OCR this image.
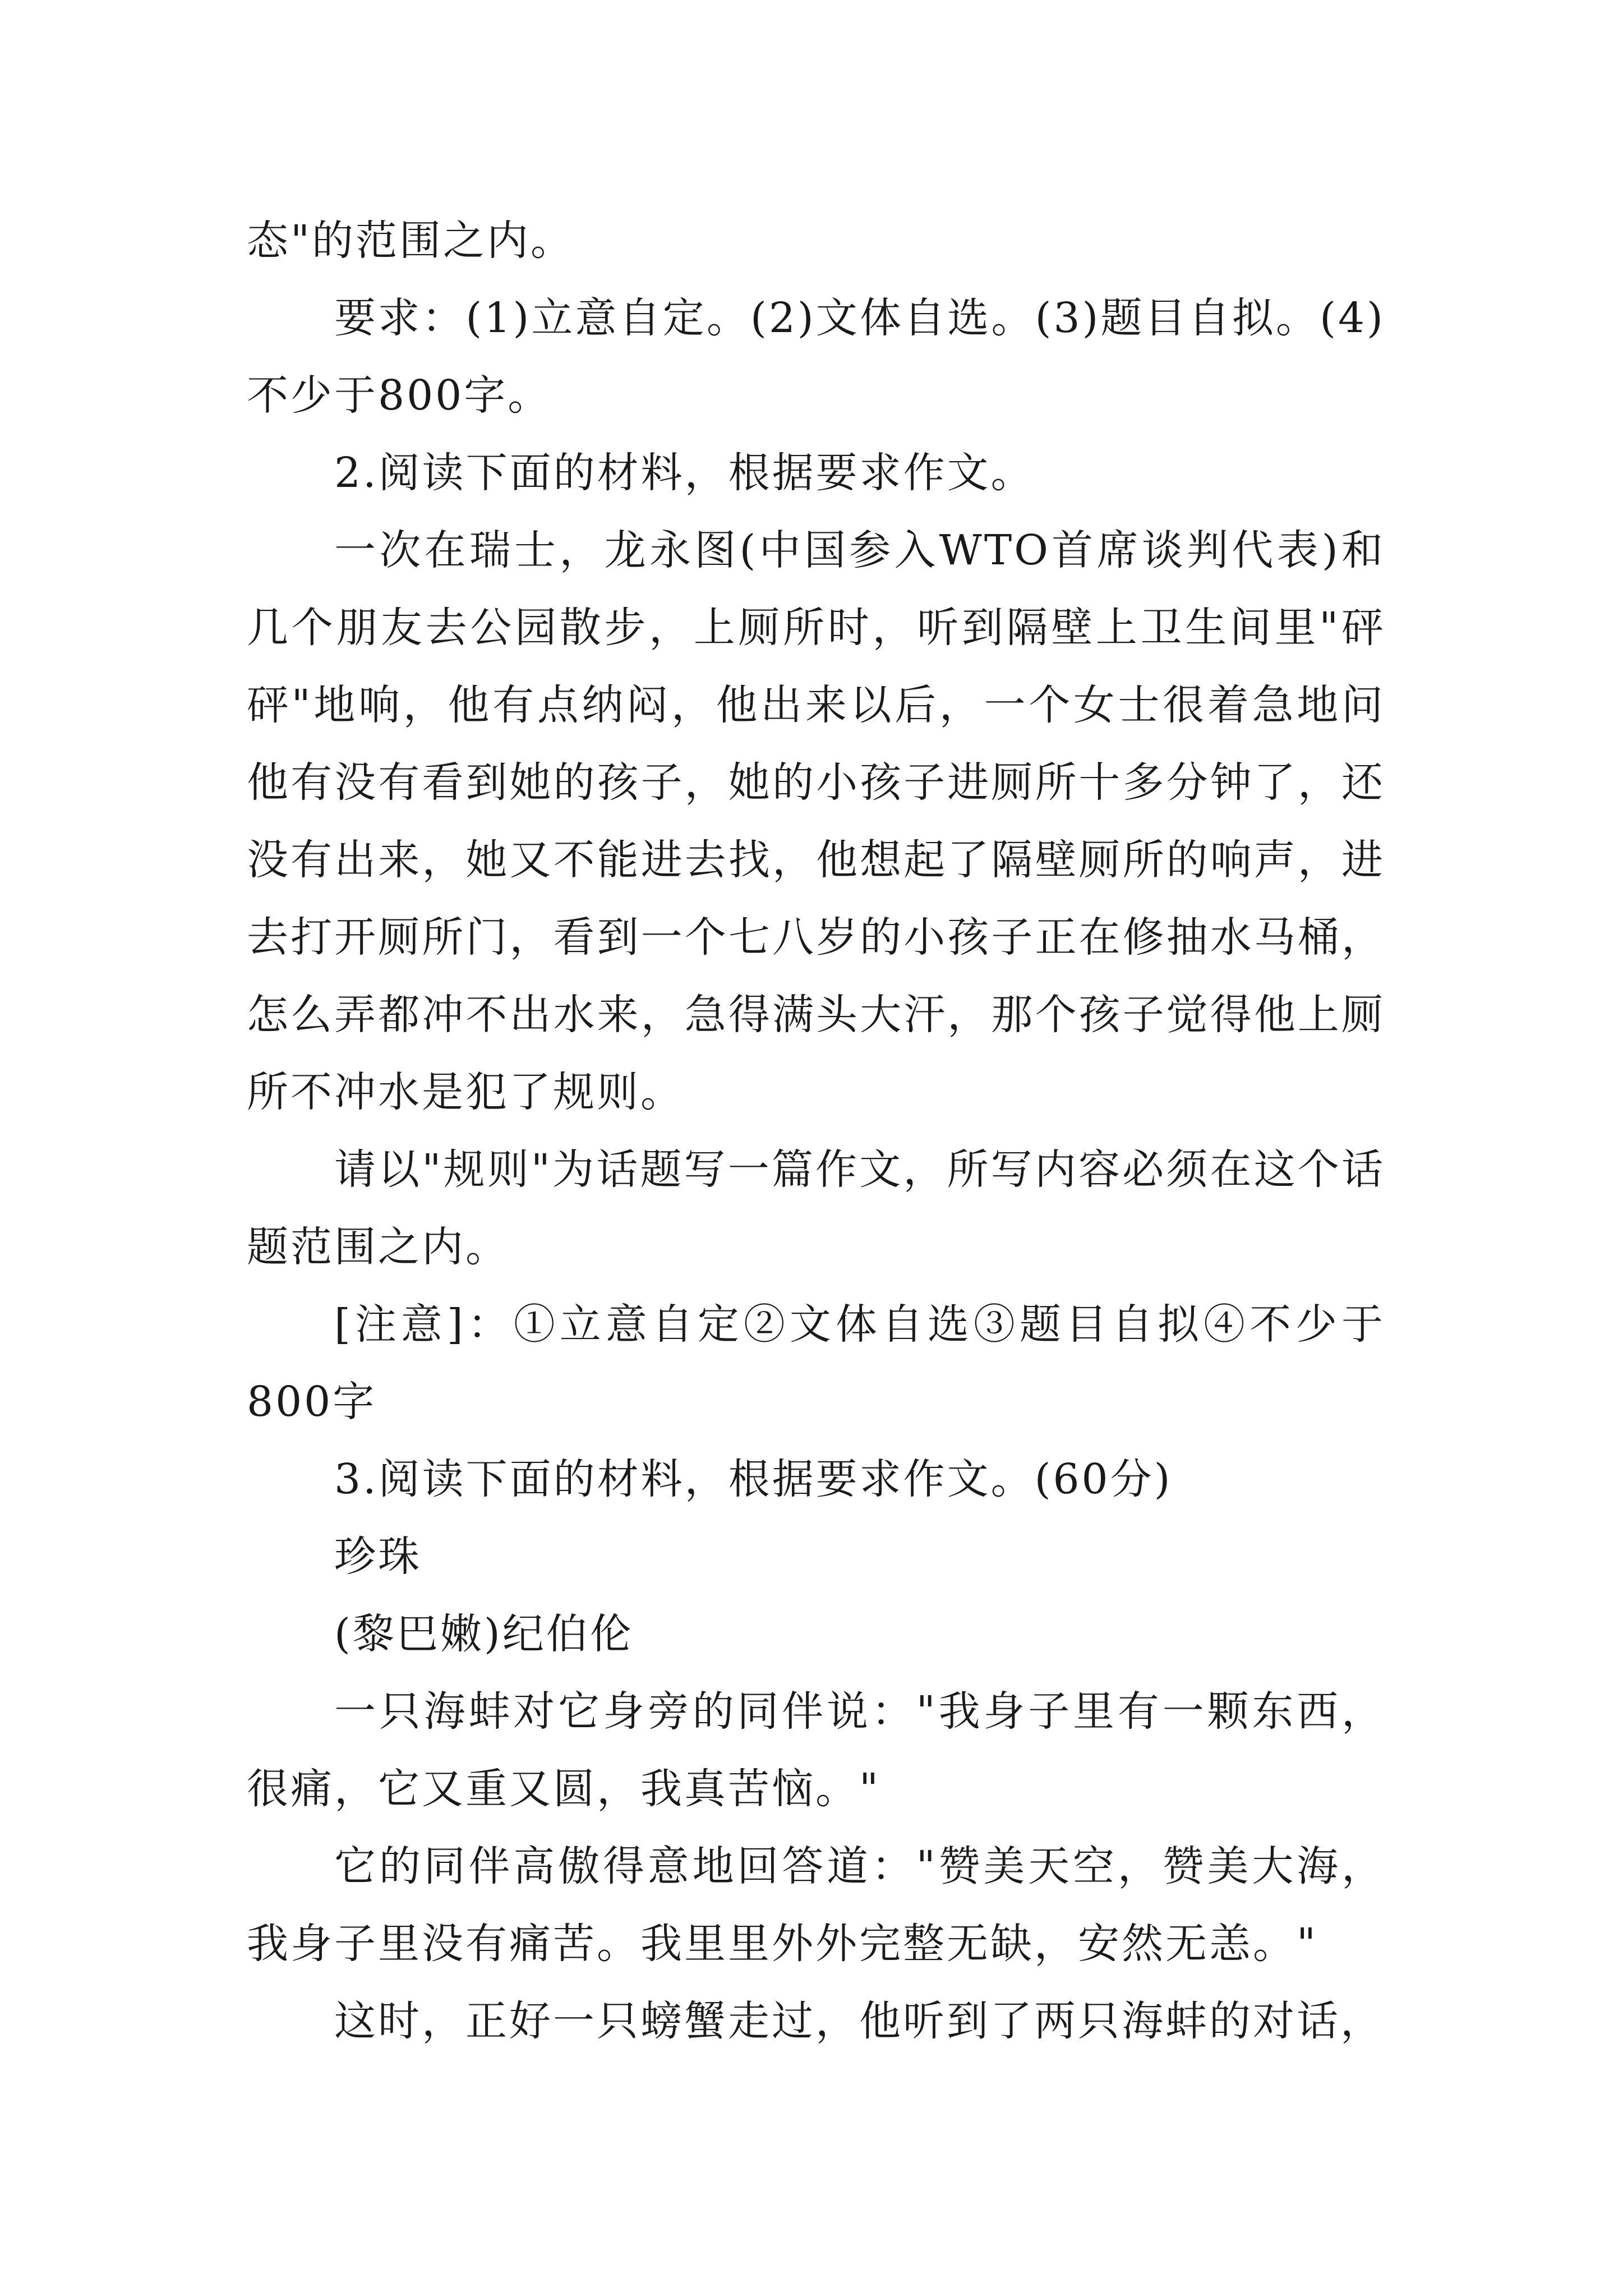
态"的范围之内。

要求：(1)立意自定。(2)文体自选。(3)题目自拟。(4)不少于800字。

2.阅读下面的材料，根据要求作文。

一次在瑞士，龙永图(中国参入WTO首席谈判代表)和几个朋友去公园散步，上厕所时，听到隔壁上卫生间里"砰砰"地响，他有点纳闷，他出来以后，一个女士很着急地问他有没有看到她的孩子，她的小孩子进厕所十多分钟了，还没有出来，她又不能进去找，他想起了隔壁厕所的响声，进去打开厕所门，看到一个七八岁的小孩子正在修抽水马桶，怎么弄都冲不出水来，急得满头大汗，那个孩子觉得他上厕所不冲水是犯了规则。

请以"规则"为话题写一篇作文，所写内容必须在这个话题范围之内。

[注意]：①立意自定②文体自选③题目自拟④不少于800字

3.阅读下面的材料，根据要求作文。(60分)

珍珠

(黎巴嫩)纪伯伦

一只海蚌对它身旁的同伴说："我身子里有一颗东西，很痛，它又重又圆，我真苦恼。"

它的同伴高傲得意地回答道："赞美天空，赞美大海，我身子里没有痛苦。我里里外外完整无缺，安然无恙。"

这时，正好一只螃蟹走过，他听到了两只海蚌的对话，
